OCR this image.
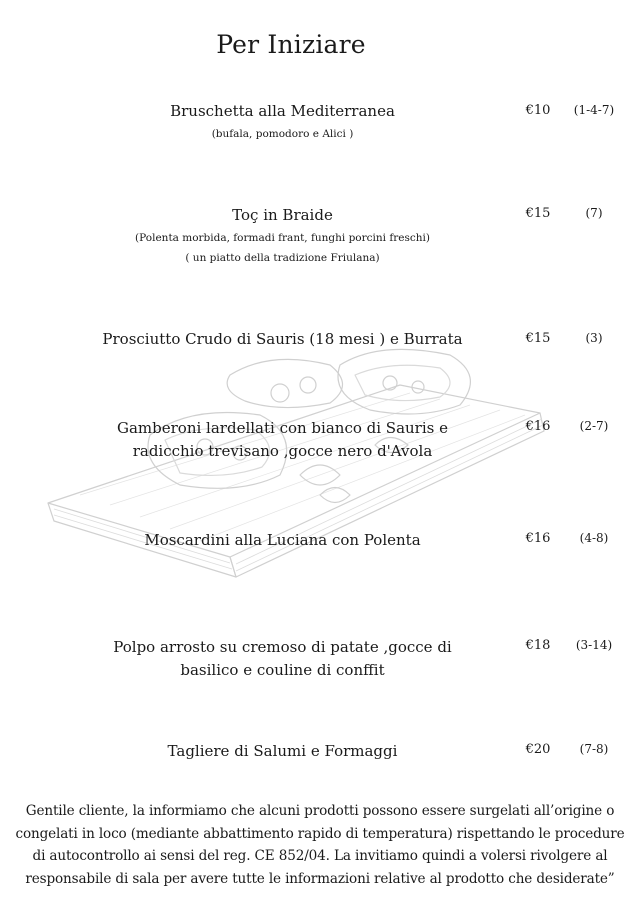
Per Iniziare
Bruschetta alla Mediterranea
(bufala, pomodoro e Alici )
€10	(1-4-7)
Toç in Braide
(Polenta morbida, formadi frant, funghi porcini freschi)
( un piatto della tradizione Friulana)
€15	(7)
Prosciutto Crudo di Sauris (18 mesi ) e Burrata	€15	(3)
Gamberoni lardellati con bianco di Sauris e
radicchio trevisano ,gocce nero d'Avola
€16	(2-7)
Moscardini alla Luciana con Polenta	€16	(4-8)
Polpo arrosto su cremoso di patate ,gocce di
basilico e couline di conffit
€18	(3-14)
Tagliere di Salumi e Formaggi	€20	(7-8)
Gentile cliente, la informiamo che alcuni prodotti possono essere surgelati all’origine o
congelati in loco (mediante abbattimento rapido di temperatura) rispettando le procedure
di autocontrollo ai sensi del reg. CE 852/04. La invitiamo quindi a volersi rivolgere al
responsabile di sala per avere tutte le informazioni relative al prodotto che desiderate”
